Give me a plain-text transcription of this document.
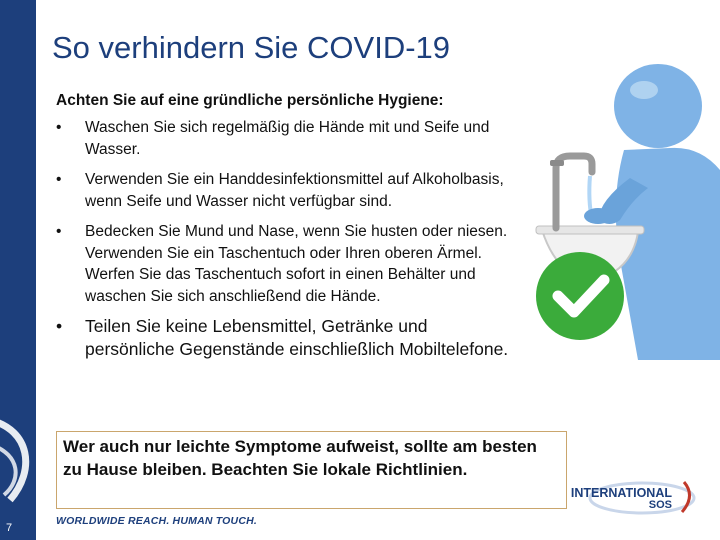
7
So verhindern Sie COVID-19
Achten Sie auf eine gründliche persönliche Hygiene:
•	Waschen Sie sich regelmäßig die Hände mit und Seife und Wasser.
•	Verwenden Sie ein Handdesinfektionsmittel auf Alkoholbasis, wenn Seife und Wasser nicht verfügbar sind.
•	Bedecken Sie Mund und Nase, wenn Sie husten oder niesen. Verwenden Sie ein Taschentuch oder Ihren oberen Ärmel. Werfen Sie das Taschentuch sofort in einen Behälter und waschen Sie sich anschließend die Hände.
•	Teilen Sie keine Lebensmittel, Getränke und persönliche Gegenstände einschließlich Mobiltelefone.
Wer auch nur leichte Symptome aufweist, sollte am besten zu Hause bleiben. Beachten Sie lokale Richtlinien.
WORLDWIDE REACH. HUMAN TOUCH.
INTERNATIONAL
SOS
